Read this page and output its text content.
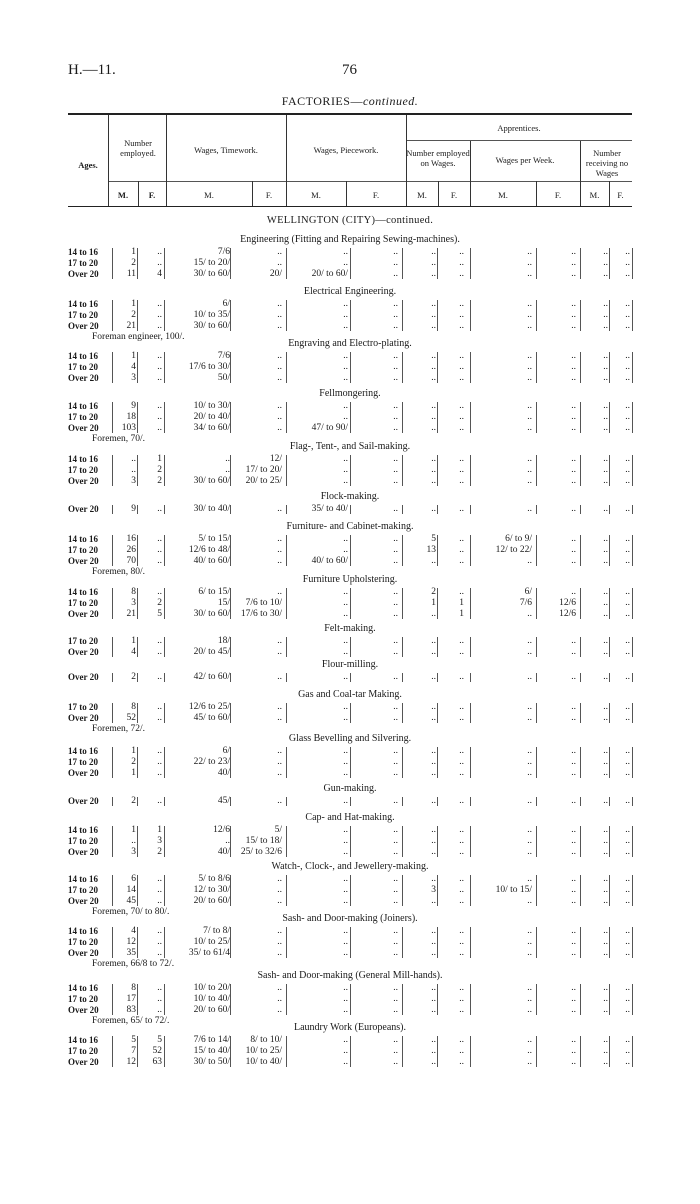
H.—11.	76
FACTORIES—continued.
Ages.
Number employed.	Wages, Timework.	Wages, Piecework.
Apprentices.
Number employed on Wages.	Wages per Week.
Number receiving no Wages
M.	F.	M.	F.	M.	F.	M.	F.	M.	F.	M.	F.
WELLINGTON (CITY)—continued.
Engineering (Fitting and Repairing Sewing-machines).
14 to 16	1	..	7/6	..	..	..	..	..	..	..	..	..
17 to 20	2	..	15/ to 20/	..	..	..	..	..	..	..	..	..
Over 20	11	4	30/ to 60/	20/	20/ to 60/	..	..	..	..	..	..	..
Electrical Engineering.
14 to 16	1	..	6/	..	..	..	..	..	..	..	..	..
17 to 20	2	..	10/ to 35/	..	..	..	..	..	..	..	..	..
Over 20	21	..	30/ to 60/	..	..	..	..	..	..	..	..	..
Foreman engineer, 100/.
Engraving and Electro-plating.
14 to 16	1	..	7/6	..	..	..	..	..	..	..	..	..
17 to 20	4	..	17/6 to 30/	..	..	..	..	..	..	..	..	..
Over 20	3	..	50/	..	..	..	..	..	..	..	..	..
Fellmongering.
14 to 16	9	..	10/ to 30/	..	..	..	..	..	..	..	..	..
17 to 20	18	..	20/ to 40/	..	..	..	..	..	..	..	..	..
Over 20	103	..	34/ to 60/	..	47/ to 90/	..	..	..	..	..	..	..
Foremen, 70/.
Flag-, Tent-, and Sail-making.
14 to 16	..	1	..	12/	..	..	..	..	..	..	..	..
17 to 20	..	2	..	17/ to 20/	..	..	..	..	..	..	..	..
Over 20	3	2	30/ to 60/	20/ to 25/	..	..	..	..	..	..	..	..
Flock-making.
Over 20	9	..	30/ to 40/	..	35/ to 40/	..	..	..	..	..	..	..
Furniture- and Cabinet-making.
14 to 16	16	..	5/ to 15/	..	..	..	5	..	6/ to 9/	..	..	..
17 to 20	26	..	12/6 to 48/	..	..	..	13	..	12/ to 22/	..	..	..
Over 20	70	..	40/ to 60/	..	40/ to 60/	..	..	..	..	..	..	..
Foremen, 80/.
Furniture Upholstering.
14 to 16	8	..	6/ to 15/	..	..	..	2	..	6/	..	..	..
17 to 20	3	2	15/	7/6 to 10/	..	..	1	1	7/6	12/6	..	..
Over 20	21	5	30/ to 60/	17/6 to 30/	..	..	..	1	..	12/6	..	..
Felt-making.
17 to 20	1	..	18/	..	..	..	..	..	..	..	..	..
Over 20	4	..	20/ to 45/	..	..	..	..	..	..	..	..	..
Flour-milling.
Over 20	2	..	42/ to 60/	..	..	..	..	..	..	..	..	..
Gas and Coal-tar Making.
17 to 20	8	..	12/6 to 25/	..	..	..	..	..	..	..	..	..
Over 20	52	..	45/ to 60/	..	..	..	..	..	..	..	..	..
Foremen, 72/.
Glass Bevelling and Silvering.
14 to 16	1	..	6/	..	..	..	..	..	..	..	..	..
17 to 20	2	..	22/ to 23/	..	..	..	..	..	..	..	..	..
Over 20	1	..	40/	..	..	..	..	..	..	..	..	..
Gun-making.
Over 20	2	..	45/	..	..	..	..	..	..	..	..	..
Cap- and Hat-making.
14 to 16	1	1	12/6	5/	..	..	..	..	..	..	..	..
17 to 20	..	3	..	15/ to 18/	..	..	..	..	..	..	..	..
Over 20	3	2	40/	25/ to 32/6	..	..	..	..	..	..	..	..
Watch-, Clock-, and Jewellery-making.
14 to 16	6	..	5/ to 8/6	..	..	..	..	..	..	..	..	..
17 to 20	14	..	12/ to 30/	..	..	..	3	..	10/ to 15/	..	..	..
Over 20	45	..	20/ to 60/	..	..	..	..	..	..	..	..	..
Foremen, 70/ to 80/.
Sash- and Door-making (Joiners).
14 to 16	4	..	7/ to 8/	..	..	..	..	..	..	..	..	..
17 to 20	12	..	10/ to 25/	..	..	..	..	..	..	..	..	..
Over 20	35	..	35/ to 61/4	..	..	..	..	..	..	..	..	..
Foremen, 66/8 to 72/.
Sash- and Door-making (General Mill-hands).
14 to 16	8	..	10/ to 20/	..	..	..	..	..	..	..	..	..
17 to 20	17	..	10/ to 40/	..	..	..	..	..	..	..	..	..
Over 20	83	..	20/ to 60/	..	..	..	..	..	..	..	..	..
Foremen, 65/ to 72/.
Laundry Work (Europeans).
14 to 16	5	5	7/6 to 14/	8/ to 10/	..	..	..	..	..	..	..	..
17 to 20	7	52	15/ to 40/	10/ to 25/	..	..	..	..	..	..	..	..
Over 20	12	63	30/ to 50/	10/ to 40/	..	..	..	..	..	..	..	..
